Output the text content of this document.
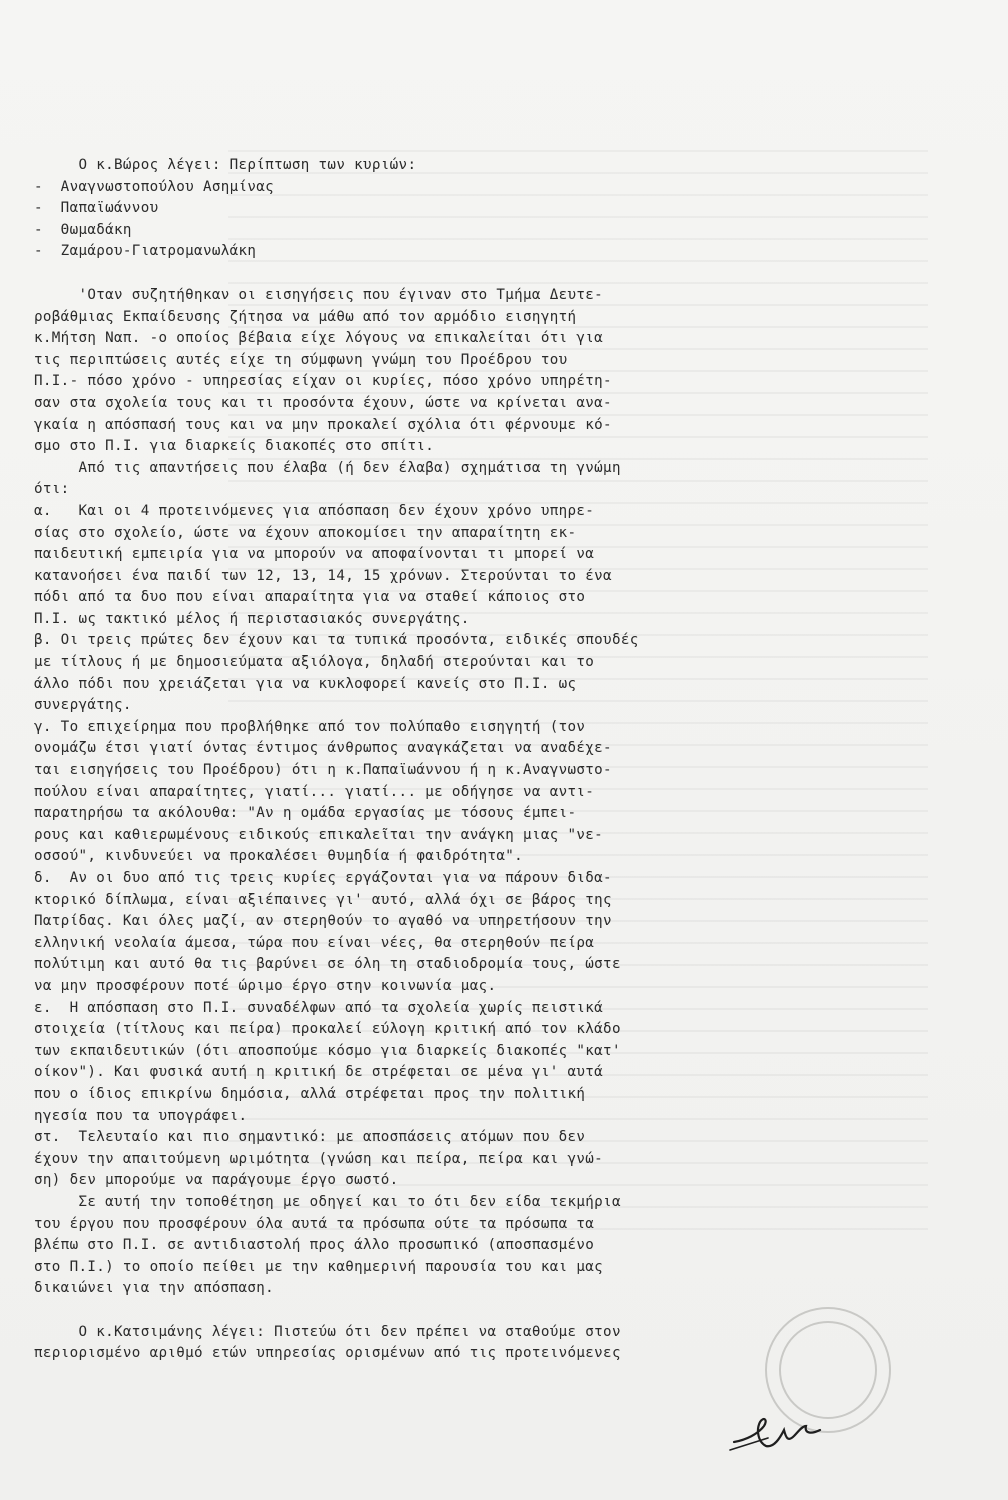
Ο κ.Βώρος λέγει: Περίπτωση των κυριών:
-  Αναγνωστοπούλου Ασημίνας
-  Παπαϊωάννου
-  Θωμαδάκη
-  Ζαμάρου-Γιατρομανωλάκη
'Οταν συζητήθηκαν οι εισηγήσεις που έγιναν στο Τμήμα Δευτε-
ροβάθμιας Εκπαίδευσης ζήτησα να μάθω από τον αρμόδιο εισηγητή
κ.Μήτση Ναπ. -ο οποίος βέβαια είχε λόγους να επικαλείται ότι για
τις περιπτώσεις αυτές είχε τη σύμφωνη γνώμη του Προέδρου του
Π.Ι.- πόσο χρόνο - υπηρεσίας είχαν οι κυρίες, πόσο χρόνο υπηρέτη-
σαν στα σχολεία τους και τι προσόντα έχουν, ώστε να κρίνεται ανα-
γκαία η απόσπασή τους και να μην προκαλεί σχόλια ότι φέρνουμε κό-
σμο στο Π.Ι. για διαρκείς διακοπές στο σπίτι.
Από τις απαντήσεις που έλαβα (ή δεν έλαβα) σχημάτισα τη γνώμη
ότι:
α.   Και οι 4 προτεινόμενες για απόσπαση δεν έχουν χρόνο υπηρε-
σίας στο σχολείο, ώστε να έχουν αποκομίσει την απαραίτητη εκ-
παιδευτική εμπειρία για να μπορούν να αποφαίνονται τι μπορεί να
κατανοήσει ένα παιδί των 12, 13, 14, 15 χρόνων. Στερούνται το ένα
πόδι από τα δυο που είναι απαραίτητα για να σταθεί κάποιος στο
Π.Ι. ως τακτικό μέλος ή περιστασιακός συνεργάτης.
β. Οι τρεις πρώτες δεν έχουν και τα τυπικά προσόντα, ειδικές σπουδές
με τίτλους ή με δημοσιεύματα αξιόλογα, δηλαδή στερούνται και το
άλλο πόδι που χρειάζεται για να κυκλοφορεί κανείς στο Π.Ι. ως
συνεργάτης.
γ. Το επιχείρημα που προβλήθηκε από τον πολύπαθο εισηγητή (τον
ονομάζω έτσι γιατί όντας έντιμος άνθρωπος αναγκάζεται να αναδέχε-
ται εισηγήσεις του Προέδρου) ότι η κ.Παπαϊωάννου ή η κ.Αναγνωστο-
πούλου είναι απαραίτητες, γιατί... γιατί... με οδήγησε να αντι-
παρατηρήσω τα ακόλουθα: "Αν η ομάδα εργασίας με τόσους έμπει-
ρους και καθιερωμένους ειδικούς επικαλεῖται την ανάγκη μιας "νε-
οσσού", κινδυνεύει να προκαλέσει θυμηδία ή φαιδρότητα".
δ.  Αν οι δυο από τις τρεις κυρίες εργάζονται για να πάρουν διδα-
κτορικό δίπλωμα, είναι αξιέπαινες γι' αυτό, αλλά όχι σε βάρος της
Πατρίδας. Και όλες μαζί, αν στερηθούν το αγαθό να υπηρετήσουν την
ελληνική νεολαία άμεσα, τώρα που είναι νέες, θα στερηθούν πείρα
πολύτιμη και αυτό θα τις βαρύνει σε όλη τη σταδιοδρομία τους, ώστε
να μην προσφέρουν ποτέ ώριμο έργο στην κοινωνία μας.
ε.  Η απόσπαση στο Π.Ι. συναδέλφων από τα σχολεία χωρίς πειστικά
στοιχεία (τίτλους και πείρα) προκαλεί εύλογη κριτική από τον κλάδο
των εκπαιδευτικών (ότι αποσπούμε κόσμο για διαρκείς διακοπές "κατ'
οίκον"). Και φυσικά αυτή η κριτική δε στρέφεται σε μένα γι' αυτά
που ο ίδιος επικρίνω δημόσια, αλλά στρέφεται προς την πολιτική
ηγεσία που τα υπογράφει.
στ.  Τελευταίο και πιο σημαντικό: με αποσπάσεις ατόμων που δεν
έχουν την απαιτούμενη ωριμότητα (γνώση και πείρα, πείρα και γνώ-
ση) δεν μπορούμε να παράγουμε έργο σωστό.
Σε αυτή την τοποθέτηση με οδηγεί και το ότι δεν είδα τεκμήρια
του έργου που προσφέρουν όλα αυτά τα πρόσωπα ούτε τα πρόσωπα τα
βλέπω στο Π.Ι. σε αντιδιαστολή προς άλλο προσωπικό (αποσπασμένο
στο Π.Ι.) το οποίο πείθει με την καθημερινή παρουσία του και μας
δικαιώνει για την απόσπαση.
Ο κ.Κατσιμάνης λέγει: Πιστεύω ότι δεν πρέπει να σταθούμε στον
περιορισμένο αριθμό ετών υπηρεσίας ορισμένων από τις προτεινόμενες
